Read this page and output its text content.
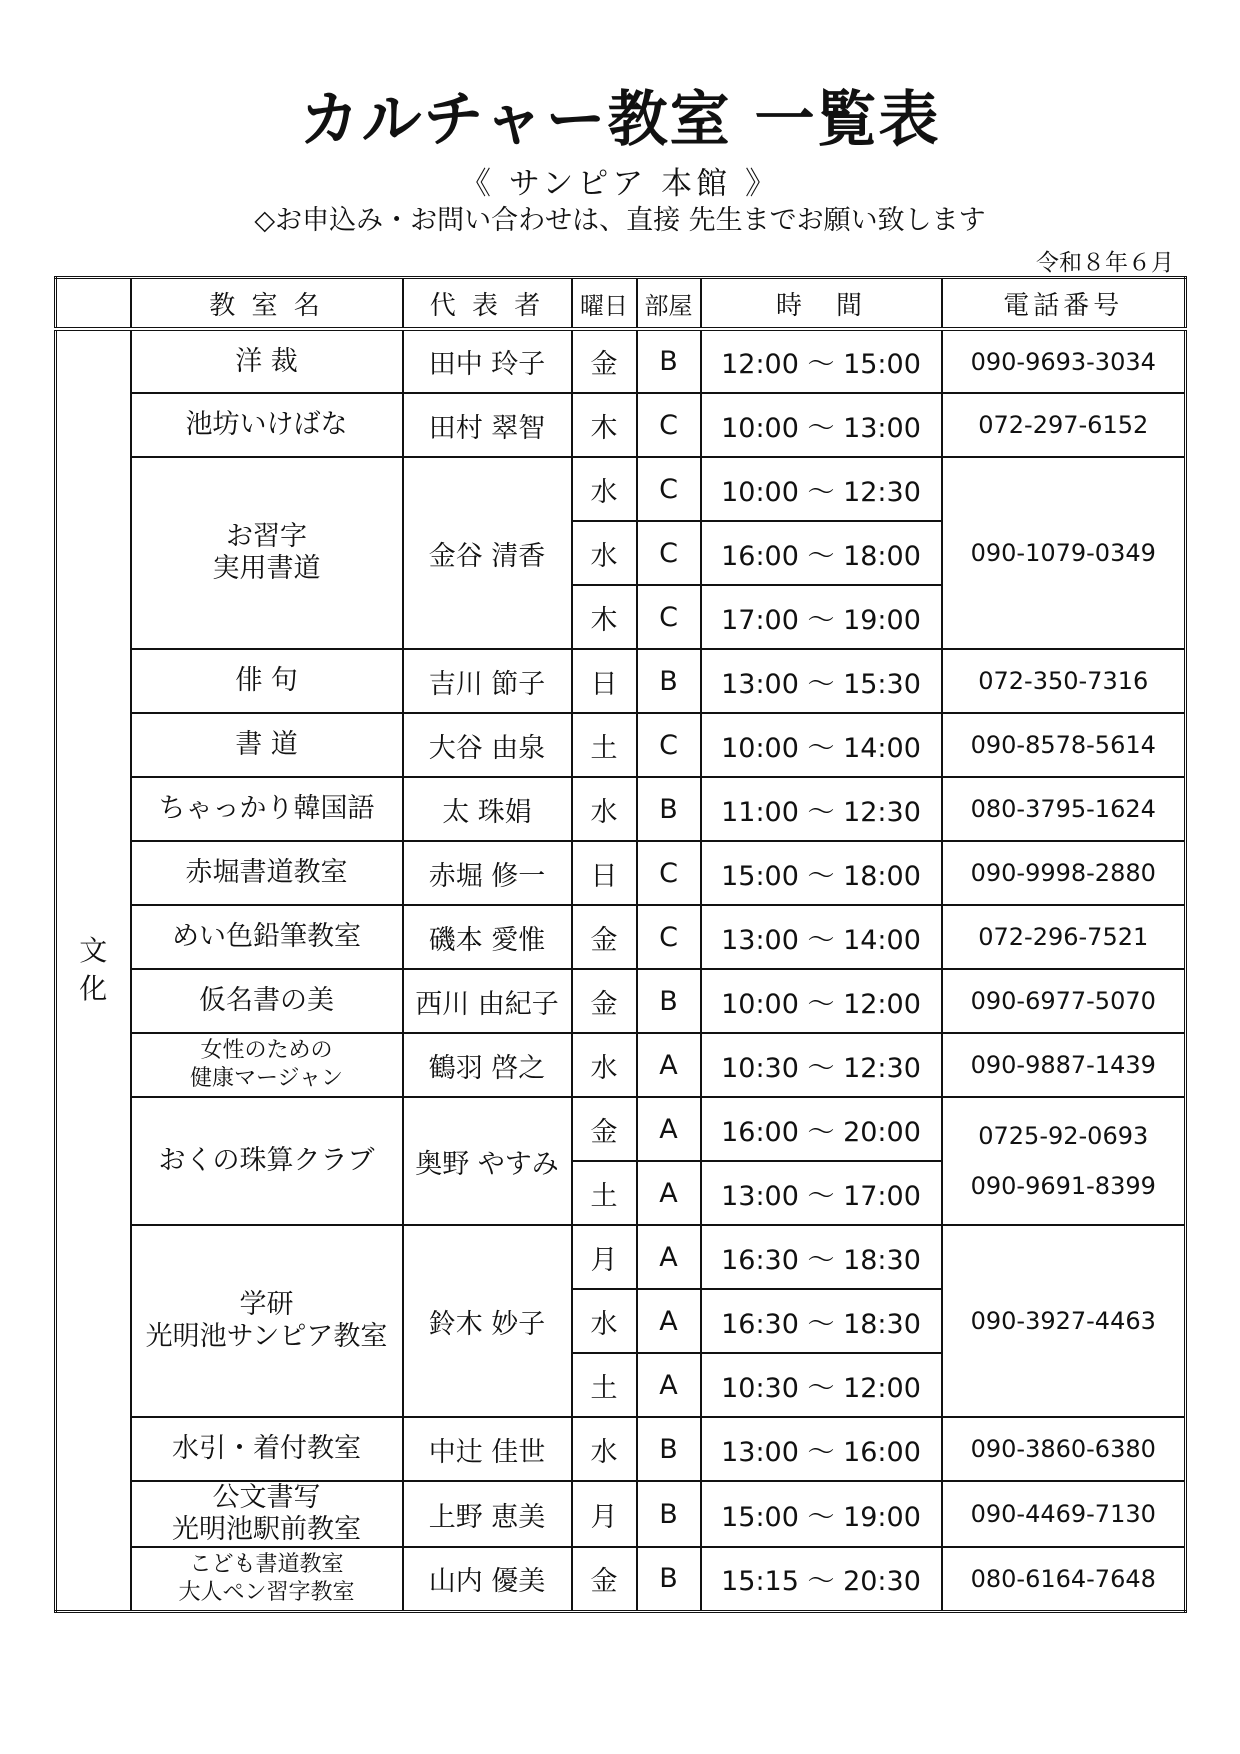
カルチャー教室 一覧表

《 サンピア 本館 》

◇お申込み・お問い合わせは、直接 先生までお願い致します

令和８年６月

	教 室 名	代 表 者	曜日	部屋	時　間	電話番号

文
化	洋 裁	田中 玲子	金	B	12:00 ～ 15:00	090-9693-3034

	池坊いけばな	田村 翠智	木	C	10:00 ～ 13:00	072-297-6152

	お習字
実用書道	金谷 清香	水	C	10:00 ～ 12:30	090-1079-0349

			水	C	16:00 ～ 18:00	
			木	C	17:00 ～ 19:00	

	俳 句	吉川 節子	日	B	13:00 ～ 15:30	072-350-7316

	書 道	大谷 由泉	土	C	10:00 ～ 14:00	090-8578-5614

	ちゃっかり韓国語	太 珠娟	水	B	11:00 ～ 12:30	080-3795-1624

	赤堀書道教室	赤堀 修一	日	C	15:00 ～ 18:00	090-9998-2880

	めい色鉛筆教室	磯本 愛惟	金	C	13:00 ～ 14:00	072-296-7521

	仮名書の美	西川 由紀子	金	B	10:00 ～ 12:00	090-6977-5070

	女性のための
健康マージャン	鶴羽 啓之	水	A	10:30 ～ 12:30	090-9887-1439

	おくの珠算クラブ	奥野 やすみ	金	A	16:00 ～ 20:00	0725-92-0693
090-9691-8399

			土	A	13:00 ～ 17:00	

	学研
光明池サンピア教室	鈴木 妙子	月	A	16:30 ～ 18:30	090-3927-4463

			水	A	16:30 ～ 18:30	
			土	A	10:30 ～ 12:00	

	水引・着付教室	中辻 佳世	水	B	13:00 ～ 16:00	090-3860-6380

	公文書写
光明池駅前教室	上野 恵美	月	B	15:00 ～ 19:00	090-4469-7130

	こども書道教室
大人ペン習字教室	山内 優美	金	B	15:15 ～ 20:30	080-6164-7648
